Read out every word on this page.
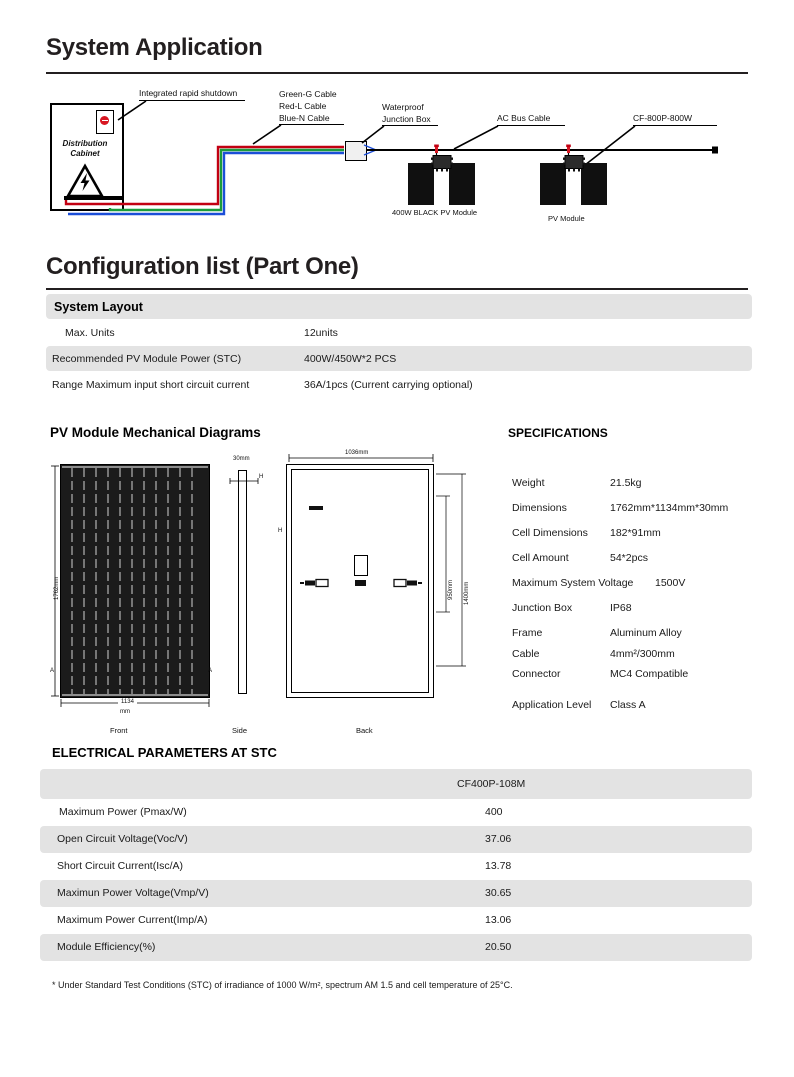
System Application
Distribution
Cabinet
Integrated rapid shutdown	Green-G Cable
Red-L Cable
Blue-N Cable
Waterproof
Junction Box	AC Bus Cable	CF-800P-800W
400W BLACK PV Module
PV Module
Configuration list (Part One)
System Layout
Max. Units	12units
Recommended PV Module Power (STC)	400W/450W*2 PCS
Range Maximum input short circuit current	36A/1pcs (Current carrying optional)
PV Module Mechanical Diagrams
1762mm
1134
mm
A	A
Front
30mm
H
Side
1036mm
950mm 1400mm
H
Back
SPECIFICATIONS
Weight	21.5kg
Dimensions	1762mm*1134mm*30mm
Cell Dimensions 182*91mm
Cell Amount	54*2pcs
Maximum System Voltage 1500V
Junction Box	IP68
Frame	Aluminum Alloy
Cable	4mm²/300mm
Connector	MC4 Compatible
Application Level Class A
ELECTRICAL PARAMETERS AT STC
CF400P-108M
Maximum Power (Pmax/W)	400
Open Circuit Voltage(Voc/V)	37.06
Short Circuit Current(Isc/A)	13.78
Maximun Power Voltage(Vmp/V)	30.65
Maximum Power Current(Imp/A)	13.06
Module Efficiency(%)	20.50
* Under Standard Test Conditions (STC) of irradiance of 1000 W/m², spectrum AM 1.5 and cell temperature of 25°C.
